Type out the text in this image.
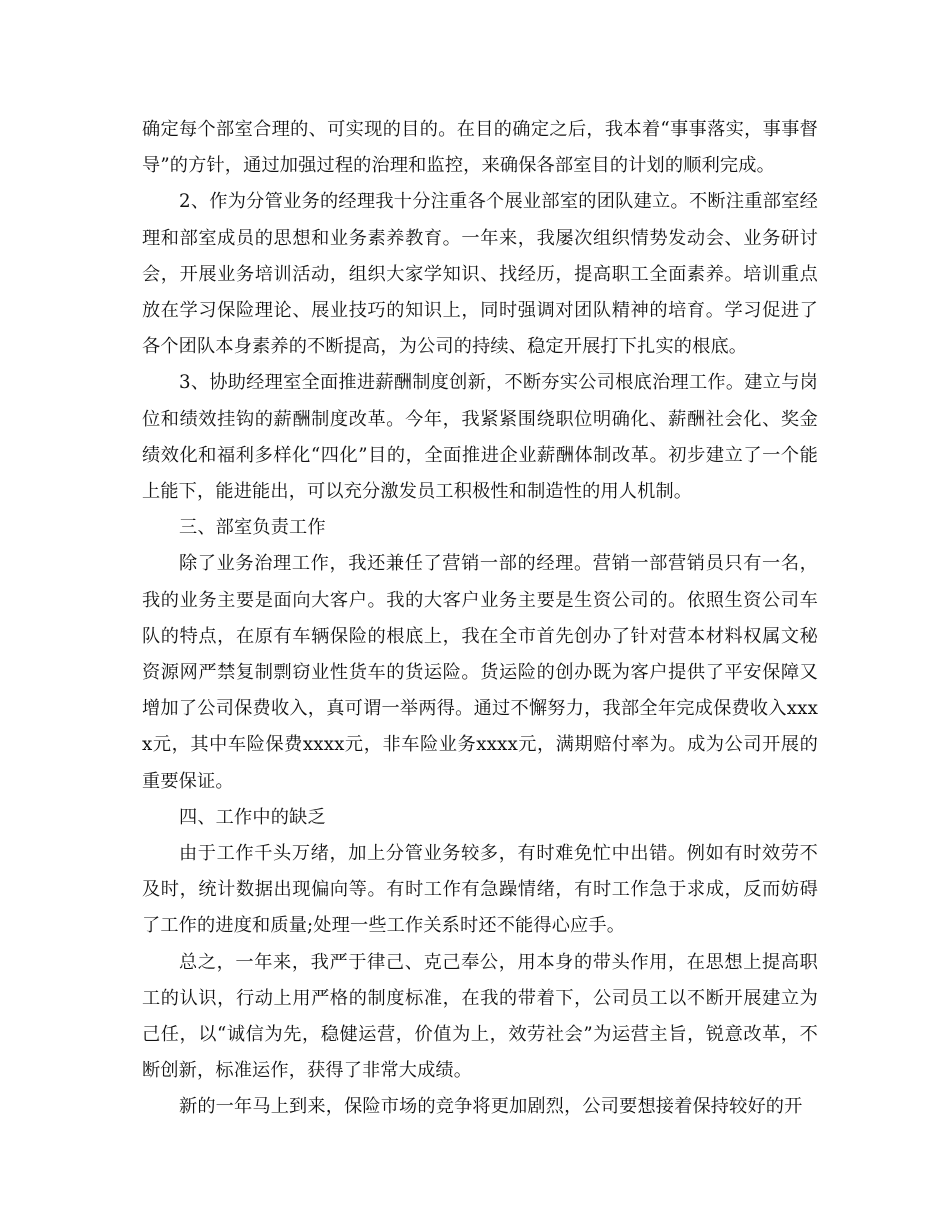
确定每个部室合理的、可实现的目的。在目的确定之后，我本着“事事落实，事事督导”的方针，通过加强过程的治理和监控，来确保各部室目的计划的顺利完成。

2、作为分管业务的经理我十分注重各个展业部室的团队建立。不断注重部室经理和部室成员的思想和业务素养教育。一年来，我屡次组织情势发动会、业务研讨会，开展业务培训活动，组织大家学知识、找经历，提高职工全面素养。培训重点放在学习保险理论、展业技巧的知识上，同时强调对团队精神的培育。学习促进了各个团队本身素养的不断提高，为公司的持续、稳定开展打下扎实的根底。

3、协助经理室全面推进薪酬制度创新，不断夯实公司根底治理工作。建立与岗位和绩效挂钩的薪酬制度改革。今年，我紧紧围绕职位明确化、薪酬社会化、奖金绩效化和福利多样化“四化”目的，全面推进企业薪酬体制改革。初步建立了一个能上能下，能进能出，可以充分激发员工积极性和制造性的用人机制。

三、部室负责工作

除了业务治理工作，我还兼任了营销一部的经理。营销一部营销员只有一名，我的业务主要是面向大客户。我的大客户业务主要是生资公司的。依照生资公司车队的特点，在原有车辆保险的根底上，我在全市首先创办了针对营本材料权属文秘资源网严禁复制剽窃业性货车的货运险。货运险的创办既为客户提供了平安保障又增加了公司保费收入，真可谓一举两得。通过不懈努力，我部全年完成保费收入xxxx元，其中车险保费xxxx元，非车险业务xxxx元，满期赔付率为。成为公司开展的重要保证。

四、工作中的缺乏

由于工作千头万绪，加上分管业务较多，有时难免忙中出错。例如有时效劳不及时，统计数据出现偏向等。有时工作有急躁情绪，有时工作急于求成，反而妨碍了工作的进度和质量;处理一些工作关系时还不能得心应手。

总之，一年来，我严于律己、克己奉公，用本身的带头作用，在思想上提高职工的认识，行动上用严格的制度标准，在我的带着下，公司员工以不断开展建立为己任，以“诚信为先，稳健运营，价值为上，效劳社会”为运营主旨，锐意改革，不断创新，标准运作，获得了非常大成绩。

新的一年马上到来，保险市场的竞争将更加剧烈，公司要想接着保持较好的开
